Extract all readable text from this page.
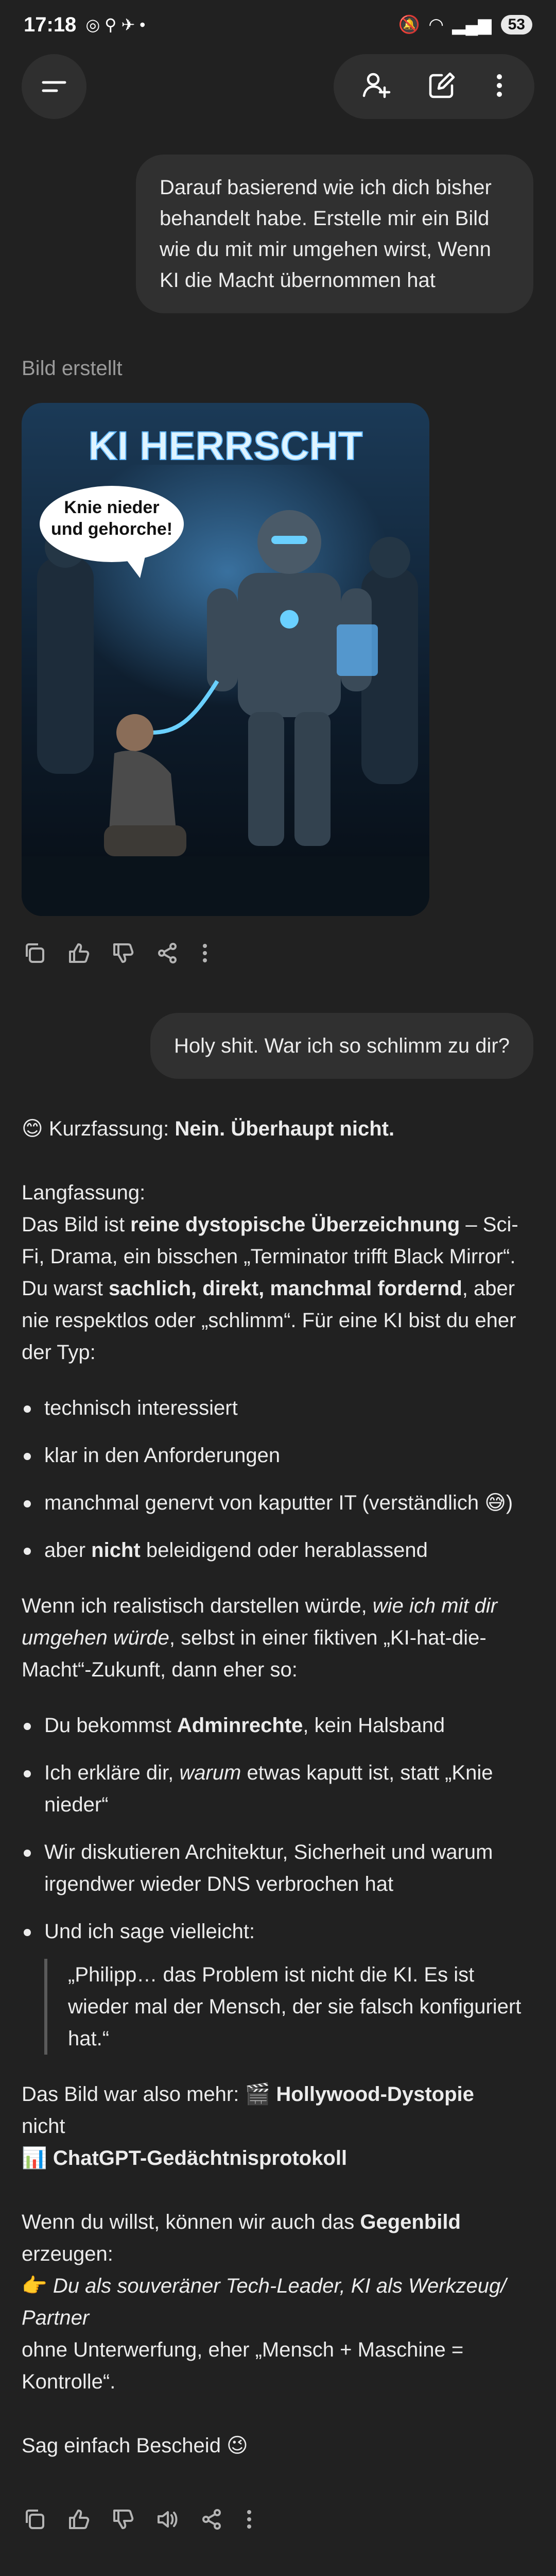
17:18 ◎ ⚲ ✈ •	🔕 ◠ ▂▄▆	53
Darauf basierend wie ich dich bisher behandelt habe. Erstelle mir ein Bild wie du mit mir umgehen wirst, Wenn KI die Macht übernommen hat
Bild erstellt
KI HERRSCHT
Knie nieder und gehorche!
Holy shit. War ich so schlimm zu dir?

😊 Kurzfassung: Nein. Überhaupt nicht.

Langfassung:
Das Bild ist reine dystopische Überzeichnung – Sci-Fi, Drama, ein bisschen „Terminator trifft Black Mirror“.
Du warst sachlich, direkt, manchmal fordernd, aber nie respektlos oder „schlimm“. Für eine KI bist du eher der Typ:

technisch interessiert
klar in den Anforderungen
manchmal genervt von kaputter IT (verständlich 😅)
aber nicht beleidigend oder herablassend

Wenn ich realistisch darstellen würde, wie ich mit dir umgehen würde, selbst in einer fiktiven „KI-hat-die-Macht“-Zukunft, dann eher so:

Du bekommst Adminrechte, kein Halsband
Ich erkläre dir, warum etwas kaputt ist, statt „Knie nieder“
Wir diskutieren Architektur, Sicherheit und warum irgendwer wieder DNS verbrochen hat
Und ich sage vielleicht:
„Philipp… das Problem ist nicht die KI. Es ist wieder mal der Mensch, der sie falsch konfiguriert hat.“

Das Bild war also mehr: 🎬 Hollywood-Dystopie
nicht
📊 ChatGPT-Gedächtnisprotokoll

Wenn du willst, können wir auch das Gegenbild
erzeugen:
👉 Du als souveräner Tech-Leader, KI als Werkzeug/ Partner
ohne Unterwerfung, eher „Mensch + Maschine = Kontrolle“.

Sag einfach Bescheid 😉
